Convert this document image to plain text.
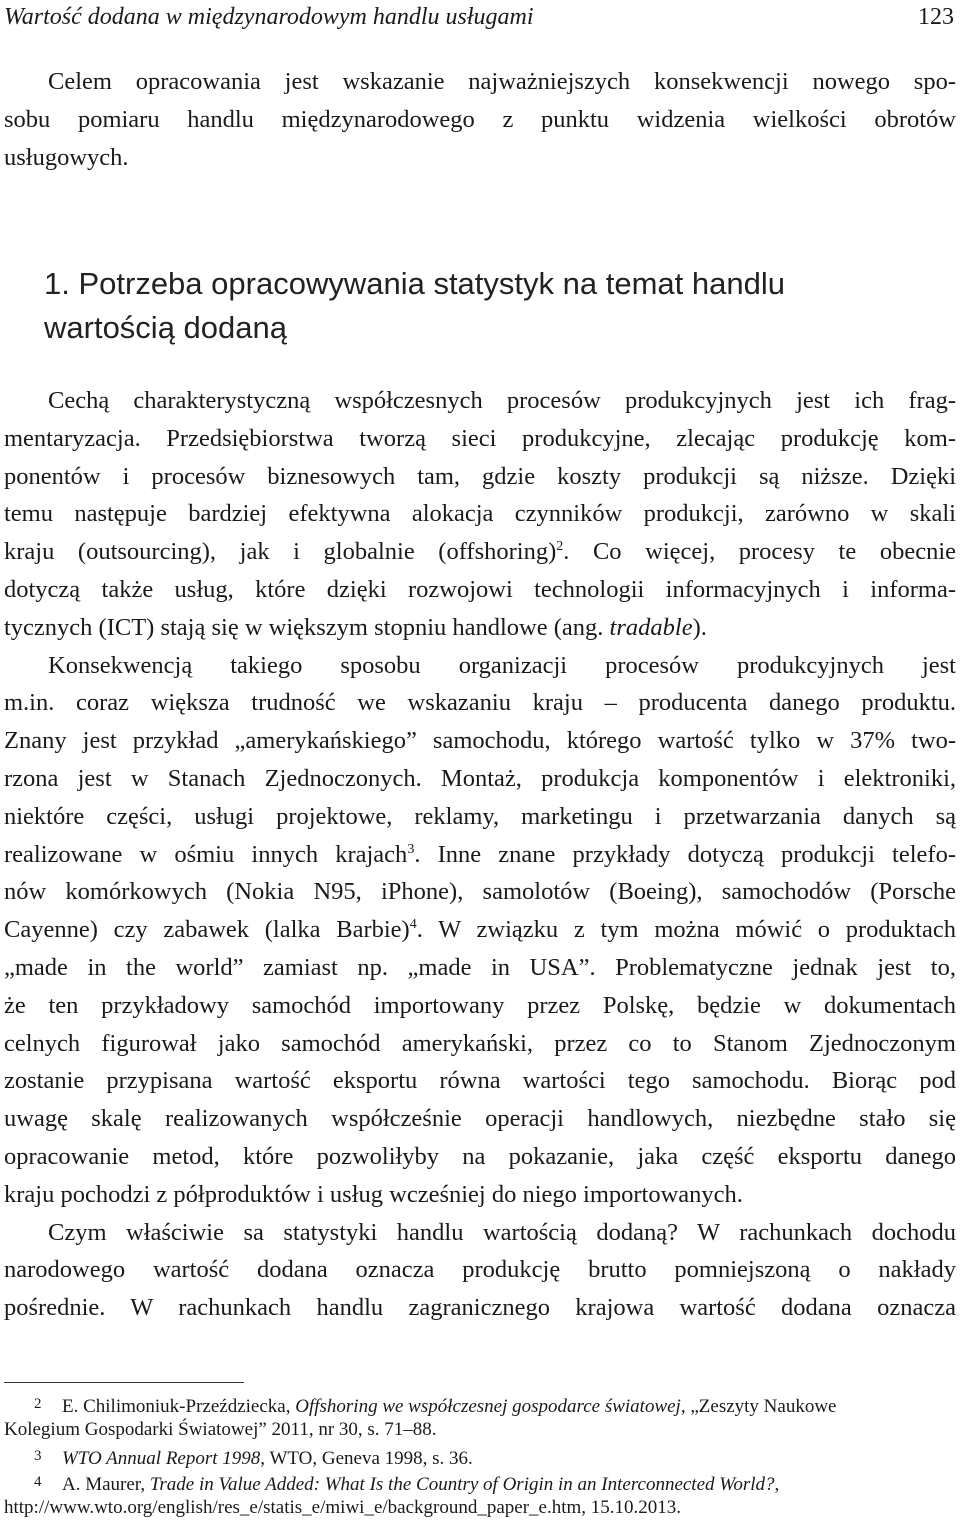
Wartość dodana w międzynarodowym handlu usługami	123
Celem opracowania jest wskazanie najważniejszych konsekwencji nowego spo-
sobu pomiaru handlu międzynarodowego z punktu widzenia wielkości obrotów
usługowych.
1. Potrzeba opracowywania statystyk na temat handlu
wartością dodaną
Cechą charakterystyczną współczesnych procesów produkcyjnych jest ich frag-
mentaryzacja. Przedsiębiorstwa tworzą sieci produkcyjne, zlecając produkcję kom-
ponentów i procesów biznesowych tam, gdzie koszty produkcji są niższe. Dzięki
temu następuje bardziej efektywna alokacja czynników produkcji, zarówno w skali
kraju (outsourcing), jak i globalnie (offshoring)$^2$. Co więcej, procesy te obecnie
dotyczą także usług, które dzięki rozwojowi technologii informacyjnych i informa-
tycznych (ICT) stają się w większym stopniu handlowe (ang. tradable).
Konsekwencją takiego sposobu organizacji procesów produkcyjnych jest
m.in. coraz większa trudność we wskazaniu kraju – producenta danego produktu.
Znany jest przykład „amerykańskiego” samochodu, którego wartość tylko w 37% two-
rzona jest w Stanach Zjednoczonych. Montaż, produkcja komponentów i elektroniki,
niektóre części, usługi projektowe, reklamy, marketingu i przetwarzania danych są
realizowane w ośmiu innych krajach$^3$. Inne znane przykłady dotyczą produkcji telefo-
nów komórkowych (Nokia N95, iPhone), samolotów (Boeing), samochodów (Porsche
Cayenne) czy zabawek (lalka Barbie)$^4$. W związku z tym można mówić o produktach
„made in the world” zamiast np. „made in USA”. Problematyczne jednak jest to,
że ten przykładowy samochód importowany przez Polskę, będzie w dokumentach
celnych figurował jako samochód amerykański, przez co to Stanom Zjednoczonym
zostanie przypisana wartość eksportu równa wartości tego samochodu. Biorąc pod
uwagę skalę realizowanych współcześnie operacji handlowych, niezbędne stało się
opracowanie metod, które pozwoliłyby na pokazanie, jaka część eksportu danego
kraju pochodzi z półproduktów i usług wcześniej do niego importowanych.
Czym właściwie sa statystyki handlu wartością dodaną? W rachunkach dochodu
narodowego wartość dodana oznacza produkcję brutto pomniejszoną o nakłady
pośrednie. W rachunkach handlu zagranicznego krajowa wartość dodana oznacza
2 E. Chilimoniuk-Przeździecka, Offshoring we współczesnej gospodarce światowej, „Zeszyty Naukowe
Kolegium Gospodarki Światowej” 2011, nr 30, s. 71–88.
3 WTO Annual Report 1998, WTO, Geneva 1998, s. 36.
4 A. Maurer, Trade in Value Added: What Is the Country of Origin in an Interconnected World?,
http://www.wto.org/english/res_e/statis_e/miwi_e/background_paper_e.htm, 15.10.2013.
